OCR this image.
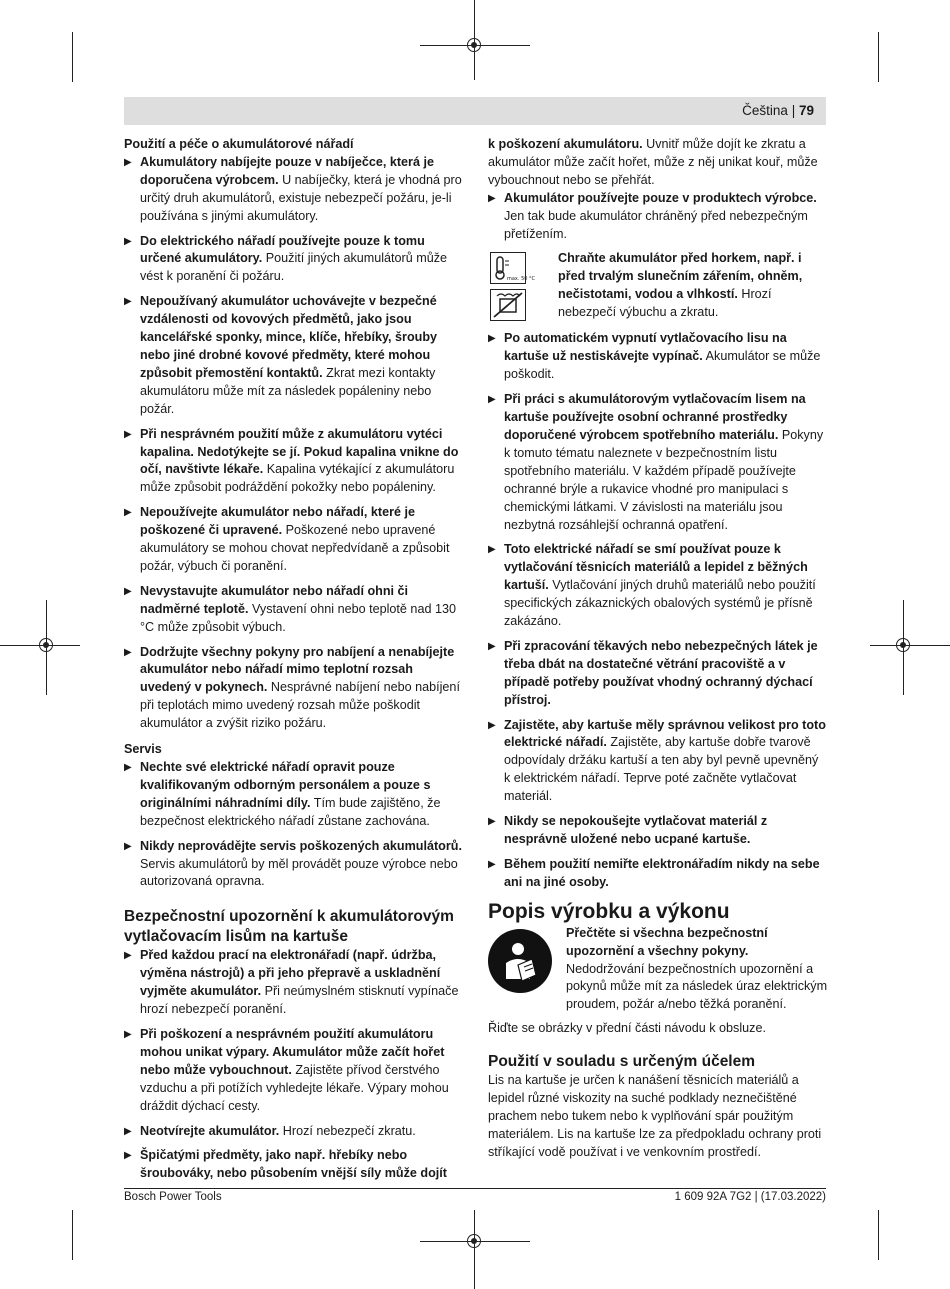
Čeština | 79

Použití a péče o akumulátorové nářadí

▶ Akumulátory nabíjejte pouze v nabíječce, která je doporučena výrobcem. U nabíječky, která je vhodná pro určitý druh akumulátorů, existuje nebezpečí požáru, je-li používána s jinými akumulátory.
▶ Do elektrického nářadí používejte pouze k tomu určené akumulátory. Použití jiných akumulátorů může vést k poranění či požáru.
▶ Nepoužívaný akumulátor uchovávejte v bezpečné vzdálenosti od kovových předmětů, jako jsou kancelářské sponky, mince, klíče, hřebíky, šrouby nebo jiné drobné kovové předměty, které mohou způsobit přemostění kontaktů. Zkrat mezi kontakty akumulátoru může mít za následek popáleniny nebo požár.
▶ Při nesprávném použití může z akumulátoru vytéci kapalina. Nedotýkejte se jí. Pokud kapalina vnikne do očí, navštivte lékaře. Kapalina vytékající z akumulátoru může způsobit podráždění pokožky nebo popáleniny.
▶ Nepoužívejte akumulátor nebo nářadí, které je poškozené či upravené. Poškozené nebo upravené akumulátory se mohou chovat nepředvídaně a způsobit požár, výbuch či poranění.
▶ Nevystavujte akumulátor nebo nářadí ohni či nadměrné teplotě. Vystavení ohni nebo teplotě nad 130 °C může způsobit výbuch.
▶ Dodržujte všechny pokyny pro nabíjení a nenabíjejte akumulátor nebo nářadí mimo teplotní rozsah uvedený v pokynech. Nesprávné nabíjení nebo nabíjení při teplotách mimo uvedený rozsah může poškodit akumulátor a zvýšit riziko požáru.

Servis

▶ Nechte své elektrické nářadí opravit pouze kvalifikovaným odborným personálem a pouze s originálními náhradními díly. Tím bude zajištěno, že bezpečnost elektrického nářadí zůstane zachována.
▶ Nikdy neprovádějte servis poškozených akumulátorů. Servis akumulátorů by měl provádět pouze výrobce nebo autorizovaná opravna.

Bezpečnostní upozornění k akumulátorovým vytlačovacím lisům na kartuše

▶ Před každou prací na elektronářadí (např. údržba, výměna nástrojů) a při jeho přepravě a uskladnění vyjměte akumulátor. Při neúmyslném stisknutí vypínače hrozí nebezpečí poranění.
▶ Při poškození a nesprávném použití akumulátoru mohou unikat výpary. Akumulátor může začít hořet nebo může vybouchnout. Zajistěte přívod čerstvého vzduchu a při potížích vyhledejte lékaře. Výpary mohou dráždit dýchací cesty.
▶ Neotvírejte akumulátor. Hrozí nebezpečí zkratu.
▶ Špičatými předměty, jako např. hřebíky nebo šroubováky, nebo působením vnější síly může dojít

k poškození akumulátoru. Uvnitř může dojít ke zkratu a akumulátor může začít hořet, může z něj unikat kouř, může vybouchnout nebo se přehřát.

▶ Akumulátor používejte pouze v produktech výrobce. Jen tak bude akumulátor chráněný před nebezpečným přetížením.
max. 50 °C

Chraňte akumulátor před horkem, např. i před trvalým slunečním zářením, ohněm, nečistotami, vodou a vlhkostí. Hrozí nebezpečí výbuchu a zkratu.

▶ Po automatickém vypnutí vytlačovacího lisu na kartuše už nestiskávejte vypínač. Akumulátor se může poškodit.
▶ Při práci s akumulátorovým vytlačovacím lisem na kartuše používejte osobní ochranné prostředky doporučené výrobcem spotřebního materiálu. Pokyny k tomuto tématu naleznete v bezpečnostním listu spotřebního materiálu. V každém případě používejte ochranné brýle a rukavice vhodné pro manipulaci s chemickými látkami. V závislosti na materiálu jsou nezbytná rozsáhlejší ochranná opatření.
▶ Toto elektrické nářadí se smí používat pouze k vytlačování těsnicích materiálů a lepidel z běžných kartuší. Vytlačování jiných druhů materiálů nebo použití specifických zákaznických obalových systémů je přísně zakázáno.
▶ Při zpracování těkavých nebo nebezpečných látek je třeba dbát na dostatečné větrání pracoviště a v případě potřeby používat vhodný ochranný dýchací přístroj.
▶ Zajistěte, aby kartuše měly správnou velikost pro toto elektrické nářadí. Zajistěte, aby kartuše dobře tvarově odpovídaly držáku kartuší a ten aby byl pevně upevněný k elektrickém nářadí. Teprve poté začněte vytlačovat materiál.
▶ Nikdy se nepokoušejte vytlačovat materiál z nesprávně uložené nebo ucpané kartuše.
▶ Během použití nemiřte elektronářadím nikdy na sebe ani na jiné osoby.

Popis výrobku a výkonu

Přečtěte si všechna bezpečnostní upozornění a všechny pokyny. Nedodržování bezpečnostních upozornění a pokynů může mít za následek úraz elektrickým proudem, požár a/nebo těžká poranění.

Řiďte se obrázky v přední části návodu k obsluze.

Použití v souladu s určeným účelem

Lis na kartuše je určen k nanášení těsnicích materiálů a lepidel různé viskozity na suché podklady neznečištěné prachem nebo tukem nebo k vyplňování spár použitým materiálem. Lis na kartuše lze za předpokladu ochrany proti stříkající vodě používat i ve venkovním prostředí.

Bosch Power Tools	1 609 92A 7G2 | (17.03.2022)
